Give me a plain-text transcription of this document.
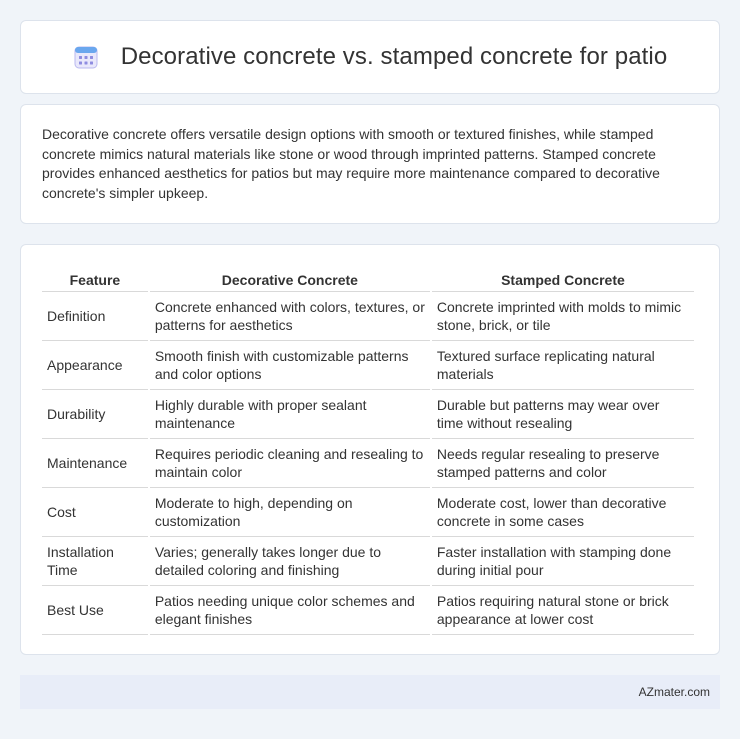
Decorative concrete vs. stamped concrete for patio

Decorative concrete offers versatile design options with smooth or textured finishes, while stamped concrete mimics natural materials like stone or wood through imprinted patterns. Stamped concrete provides enhanced aesthetics for patios but may require more maintenance compared to decorative concrete's simpler upkeep.

Feature	Decorative Concrete	Stamped Concrete
Definition	Concrete enhanced with colors, textures, or patterns for aesthetics	Concrete imprinted with molds to mimic stone, brick, or tile
Appearance	Smooth finish with customizable patterns and color options	Textured surface replicating natural materials
Durability	Highly durable with proper sealant maintenance	Durable but patterns may wear over time without resealing
Maintenance	Requires periodic cleaning and resealing to maintain color	Needs regular resealing to preserve stamped patterns and color
Cost	Moderate to high, depending on customization	Moderate cost, lower than decorative concrete in some cases
Installation Time	Varies; generally takes longer due to detailed coloring and finishing	Faster installation with stamping done during initial pour
Best Use	Patios needing unique color schemes and elegant finishes	Patios requiring natural stone or brick appearance at lower cost
AZmater.com
